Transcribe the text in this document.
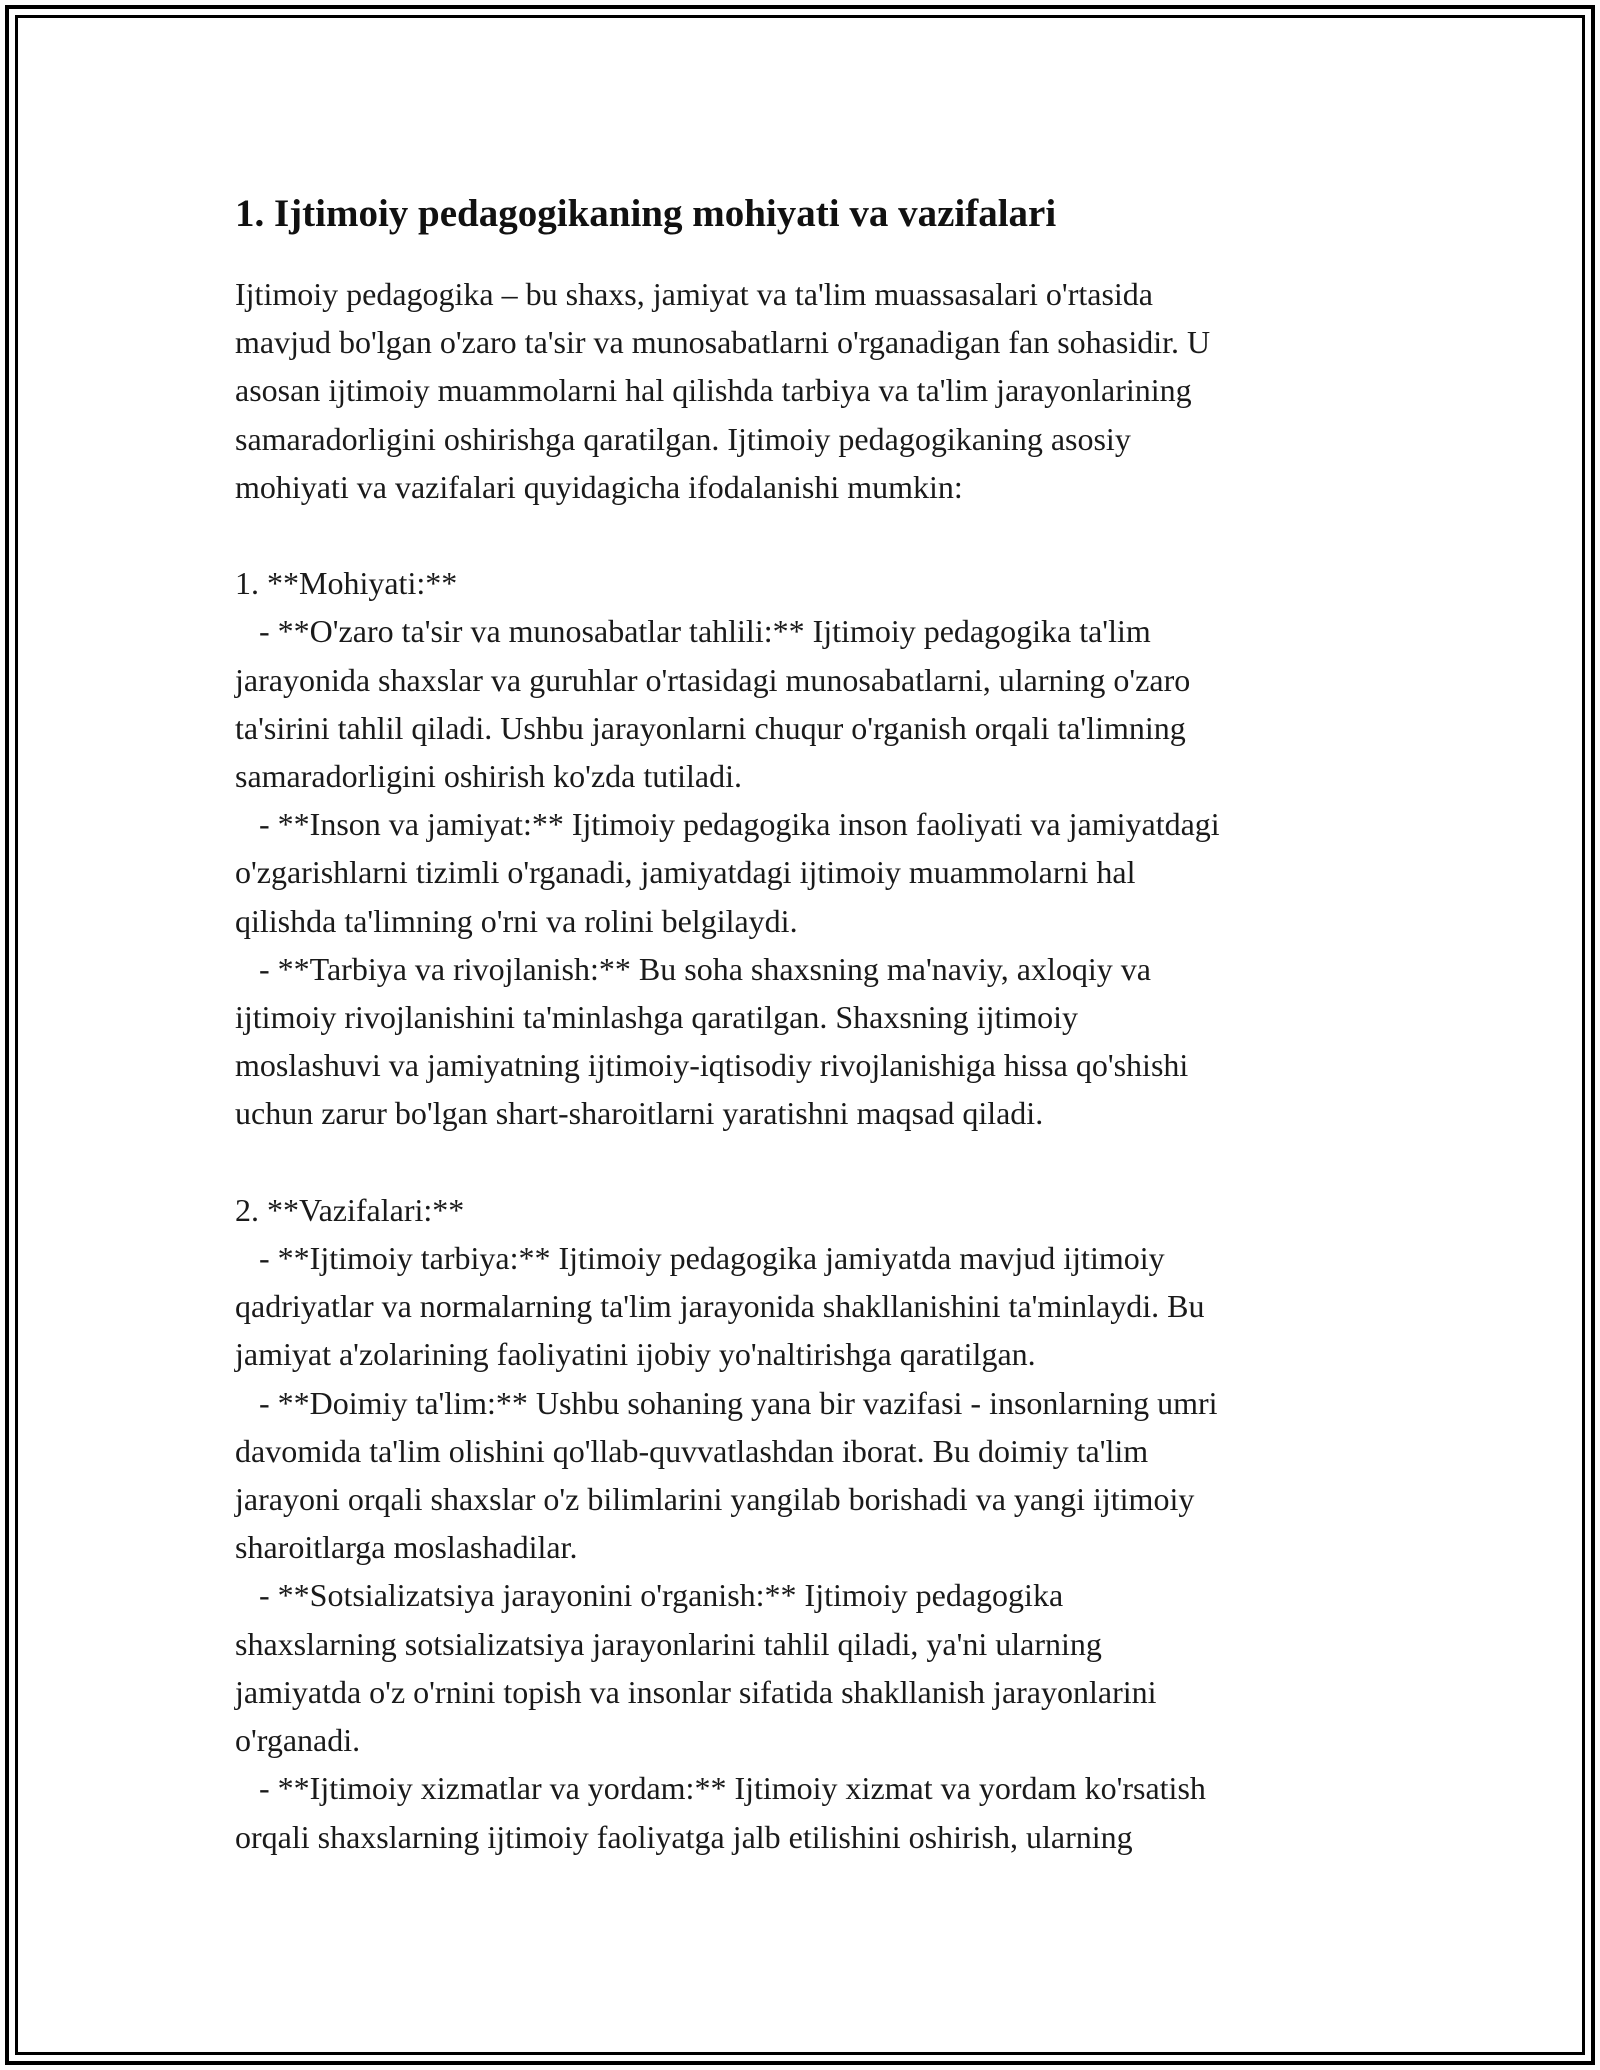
1. Ijtimoiy pedagogikaning mohiyati va vazifalari

Ijtimoiy pedagogika – bu shaxs, jamiyat va ta'lim muassasalari o'rtasida
mavjud bo'lgan o'zaro ta'sir va munosabatlarni o'rganadigan fan sohasidir. U
asosan ijtimoiy muammolarni hal qilishda tarbiya va ta'lim jarayonlarining
samaradorligini oshirishga qaratilgan. Ijtimoiy pedagogikaning asosiy
mohiyati va vazifalari quyidagicha ifodalanishi mumkin:

1. **Mohiyati:**
- **O'zaro ta'sir va munosabatlar tahlili:** Ijtimoiy pedagogika ta'lim
jarayonida shaxslar va guruhlar o'rtasidagi munosabatlarni, ularning o'zaro
ta'sirini tahlil qiladi. Ushbu jarayonlarni chuqur o'rganish orqali ta'limning
samaradorligini oshirish ko'zda tutiladi.
- **Inson va jamiyat:** Ijtimoiy pedagogika inson faoliyati va jamiyatdagi
o'zgarishlarni tizimli o'rganadi, jamiyatdagi ijtimoiy muammolarni hal
qilishda ta'limning o'rni va rolini belgilaydi.
- **Tarbiya va rivojlanish:** Bu soha shaxsning ma'naviy, axloqiy va
ijtimoiy rivojlanishini ta'minlashga qaratilgan. Shaxsning ijtimoiy
moslashuvi va jamiyatning ijtimoiy-iqtisodiy rivojlanishiga hissa qo'shishi
uchun zarur bo'lgan shart-sharoitlarni yaratishni maqsad qiladi.

2. **Vazifalari:**
- **Ijtimoiy tarbiya:** Ijtimoiy pedagogika jamiyatda mavjud ijtimoiy
qadriyatlar va normalarning ta'lim jarayonida shakllanishini ta'minlaydi. Bu
jamiyat a'zolarining faoliyatini ijobiy yo'naltirishga qaratilgan.
- **Doimiy ta'lim:** Ushbu sohaning yana bir vazifasi - insonlarning umri
davomida ta'lim olishini qo'llab-quvvatlashdan iborat. Bu doimiy ta'lim
jarayoni orqali shaxslar o'z bilimlarini yangilab borishadi va yangi ijtimoiy
sharoitlarga moslashadilar.
- **Sotsializatsiya jarayonini o'rganish:** Ijtimoiy pedagogika
shaxslarning sotsializatsiya jarayonlarini tahlil qiladi, ya'ni ularning
jamiyatda o'z o'rnini topish va insonlar sifatida shakllanish jarayonlarini
o'rganadi.
- **Ijtimoiy xizmatlar va yordam:** Ijtimoiy xizmat va yordam ko'rsatish
orqali shaxslarning ijtimoiy faoliyatga jalb etilishini oshirish, ularning
